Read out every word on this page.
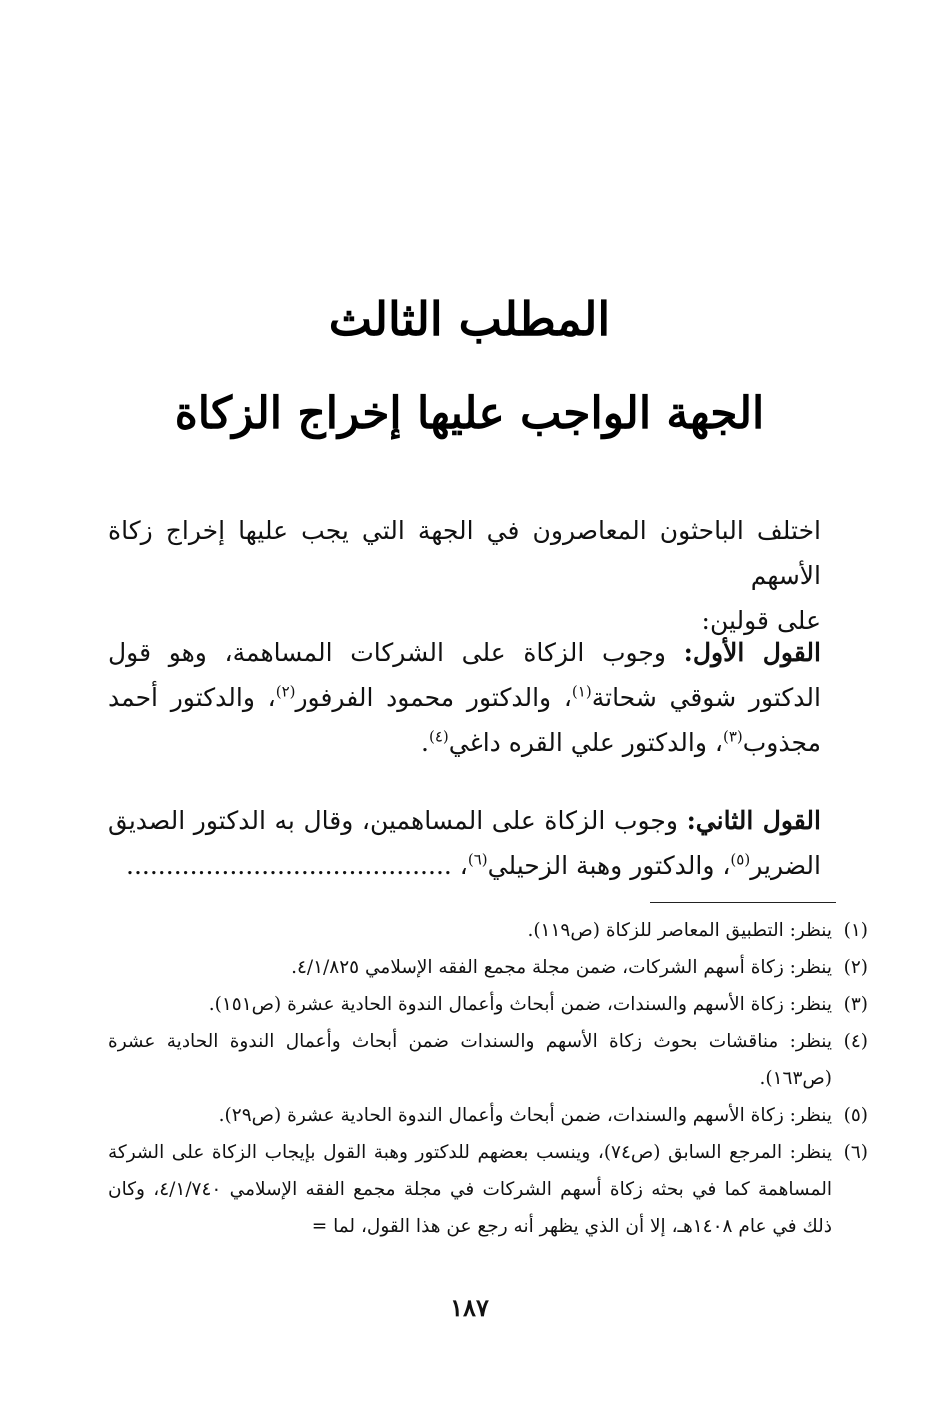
المطلب الثالث
الجهة الواجب عليها إخراج الزكاة
اختلف الباحثون المعاصرون في الجهة التي يجب عليها إخراج زكاة الأسهم
على قولين:
القول الأول: وجوب الزكاة على الشركات المساهمة، وهو قول الدكتور شوقي شحاتة$^{(١)}$، والدكتور محمود الفرفور$^{(٢)}$، والدكتور أحمد مجذوب$^{(٣)}$، والدكتور علي القره داغي$^{(٤)}$.
القول الثاني: وجوب الزكاة على المساهمين، وقال به الدكتور الصديق الضرير$^{(٥)}$، والدكتور وهبة الزحيلي$^{(٦)}$، .........................................
(١)
ينظر: التطبيق المعاصر للزكاة (ص١١٩).
(٢)
ينظر: زكاة أسهم الشركات، ضمن مجلة مجمع الفقه الإسلامي ٤/١/٨٢٥.
(٣)
ينظر: زكاة الأسهم والسندات، ضمن أبحاث وأعمال الندوة الحادية عشرة (ص١٥١).
(٤)
ينظر: مناقشات بحوث زكاة الأسهم والسندات ضمن أبحاث وأعمال الندوة الحادية عشرة (ص١٦٣).
(٥)
ينظر: زكاة الأسهم والسندات، ضمن أبحاث وأعمال الندوة الحادية عشرة (ص٢٩).
(٦)
ينظر: المرجع السابق (ص٧٤)، وينسب بعضهم للدكتور وهبة القول بإيجاب الزكاة على الشركة المساهمة كما في بحثه زكاة أسهم الشركات في مجلة مجمع الفقه الإسلامي ٤/١/٧٤٠، وكان ذلك في عام ١٤٠٨هـ، إلا أن الذي يظهر أنه رجع عن هذا القول، لما =
١٨٧
